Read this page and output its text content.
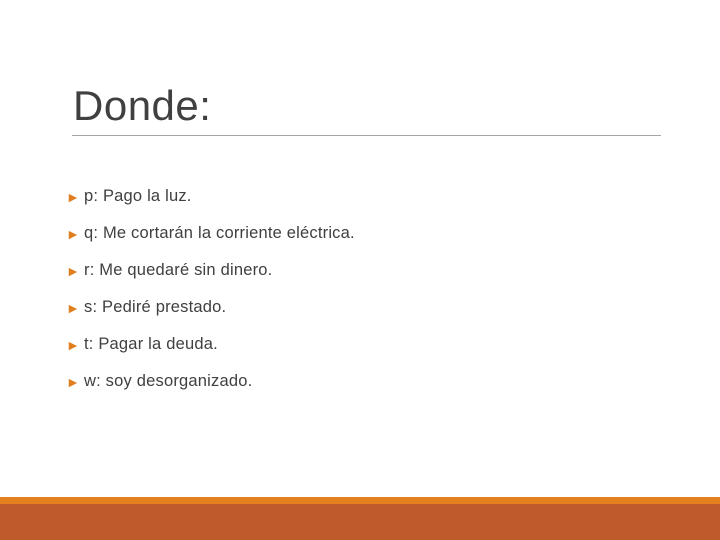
Donde:
► p: Pago la luz.
► q: Me cortarán la corriente eléctrica.
► r: Me quedaré sin dinero.
► s: Pediré prestado.
► t: Pagar la deuda.
► w: soy desorganizado.
